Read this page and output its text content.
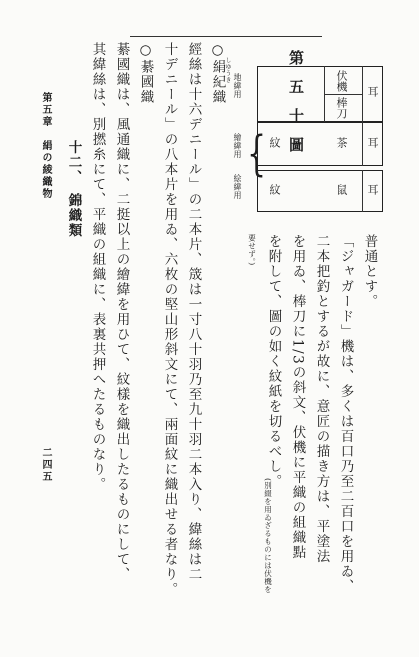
第五章　絹の綾織物
二四五
第五十圖
地緯用
繪緯用
絵緯用
{
伏機
棒刀
耳
紋	茶 耳
紋	鼠 耳
普通とす。
「ジャガード」機は、多くは百口乃至二百口を用ゐ、
二本把釣とするが故に、意匠の描き方は、平塗法
を用ゐ、棒刀に1/3の斜文、伏機に平織の組織點
を附して、圖の如く紋紙を切るべし。
(別綴を用ゐざるものには伏機を
要せず。)
○絹紀織
しゆうき
經絲は十六デニール」の二本片、筬は一寸八十羽乃至九十羽二本入り、緯絲は二
十デニール」の八本片を用ゐ、六枚の堅山形斜文にて、兩面紋に織出せる者なり。
○綦國織
綦國織は、風通織に、二挺以上の繪緯を用ひて、紋樣を織出したるものにして、
其緯絲は、別撚糸にて、平織の組織に、表裏共押へたるものなり。
十二、　錦織類
